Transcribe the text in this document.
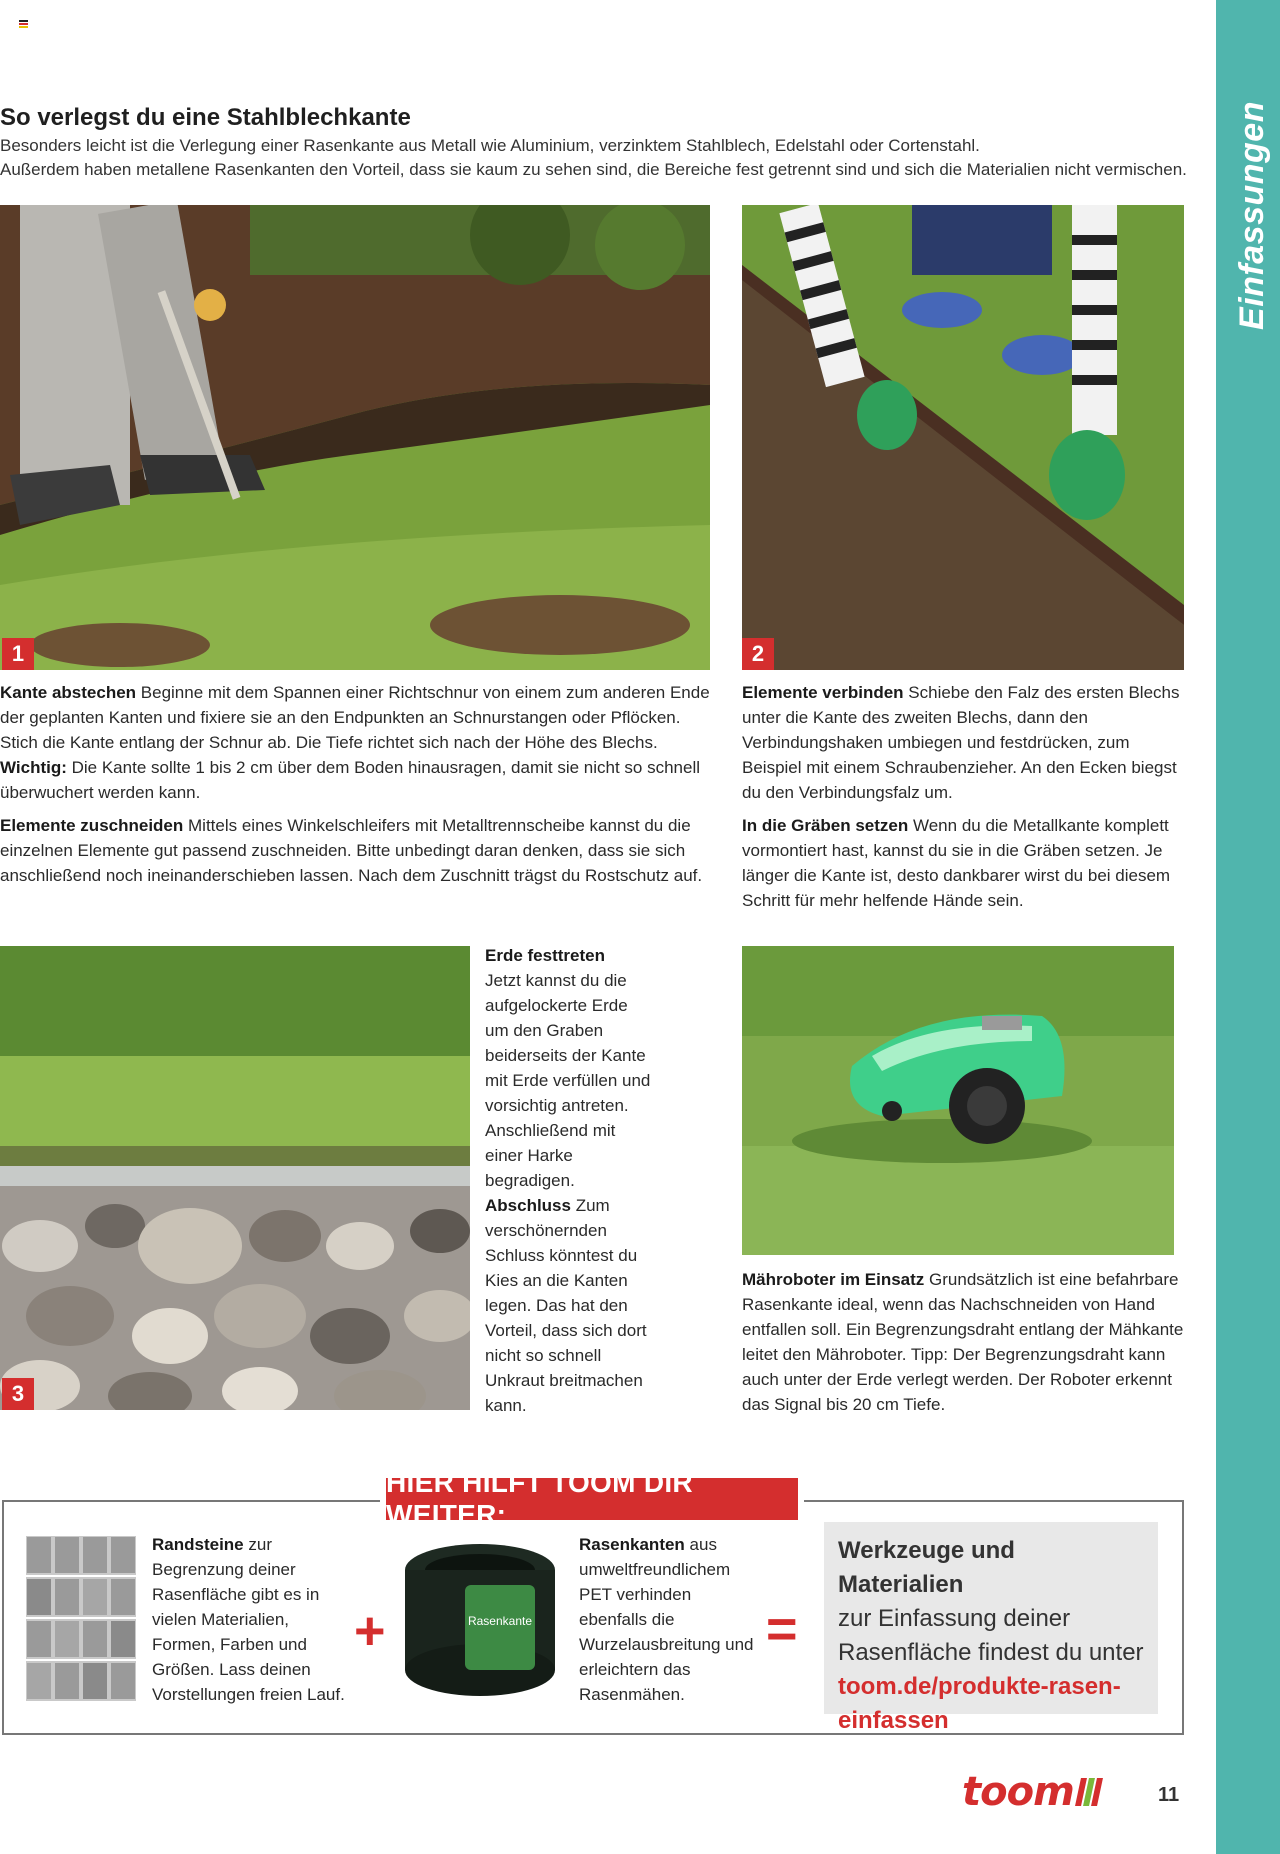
Einfassungen
So verlegst du eine Stahlblechkante
Besonders leicht ist die Verlegung einer Rasenkante aus Metall wie Aluminium, verzinktem Stahlblech, Edelstahl oder Cortenstahl.
Außerdem haben metallene Rasenkanten den Vorteil, dass sie kaum zu sehen sind, die Bereiche fest getrennt sind und sich die Materialien nicht vermischen.
1	2

Kante abstechen Beginne mit dem Spannen einer Richtschnur von einem zum anderen Ende der geplanten Kanten und fixiere sie an den Endpunkten an Schnurstangen oder Pflöcken. Stich die Kante entlang der Schnur ab. Die Tiefe richtet sich nach der Höhe des Blechs. Wichtig: Die Kante sollte 1 bis 2 cm über dem Boden hinausragen, damit sie nicht so schnell überwuchert werden kann.

Elemente zuschneiden Mittels eines Winkelschleifers mit Metalltrennscheibe kannst du die einzelnen Elemente gut passend zuschneiden. Bitte unbedingt daran denken, dass sie sich anschließend noch ineinanderschieben lassen. Nach dem Zuschnitt trägst du Rostschutz auf.

Elemente verbinden Schiebe den Falz des ersten Blechs unter die Kante des zweiten Blechs, dann den Verbindungshaken umbiegen und festdrücken, zum Beispiel mit einem Schraubenzieher. An den Ecken biegst du den Verbindungsfalz um.

In die Gräben setzen Wenn du die Metallkante komplett vormontiert hast, kannst du sie in die Gräben setzen. Je länger die Kante ist, desto dankbarer wirst du bei diesem Schritt für mehr helfende Hände sein.

3

Erde festtreten
Jetzt kannst du die aufgelockerte Erde um den Graben beiderseits der Kante mit Erde verfüllen und vorsichtig antreten. Anschließend mit einer Harke begradigen.

Abschluss Zum verschönernden Schluss könntest du Kies an die Kanten legen. Das hat den Vorteil, dass sich dort nicht so schnell Unkraut breitmachen kann.

Mähroboter im Einsatz Grundsätzlich ist eine befahrbare Rasenkante ideal, wenn das Nachschneiden von Hand entfallen soll. Ein Begrenzungsdraht entlang der Mähkante leitet den Mähroboter. Tipp: Der Begrenzungsdraht kann auch unter der Erde verlegt werden. Der Roboter erkennt das Signal bis 20 cm Tiefe.

HIER HILFT TOOM DIR WEITER:
Randsteine zur Begrenzung deiner Rasenfläche gibt es in vielen Materialien, Formen, Farben und Größen. Lass deinen Vorstellungen freien Lauf.
+	Rasenkante
Rasenkanten aus umweltfreundlichem PET verhinden ebenfalls die Wurzelausbreitung und erleichtern das Rasenmähen.
=
Werkzeuge und Materialien
zur Einfassung deiner Rasenfläche findest du unter
toom.de/produkte-rasen-einfassen
toom	11
